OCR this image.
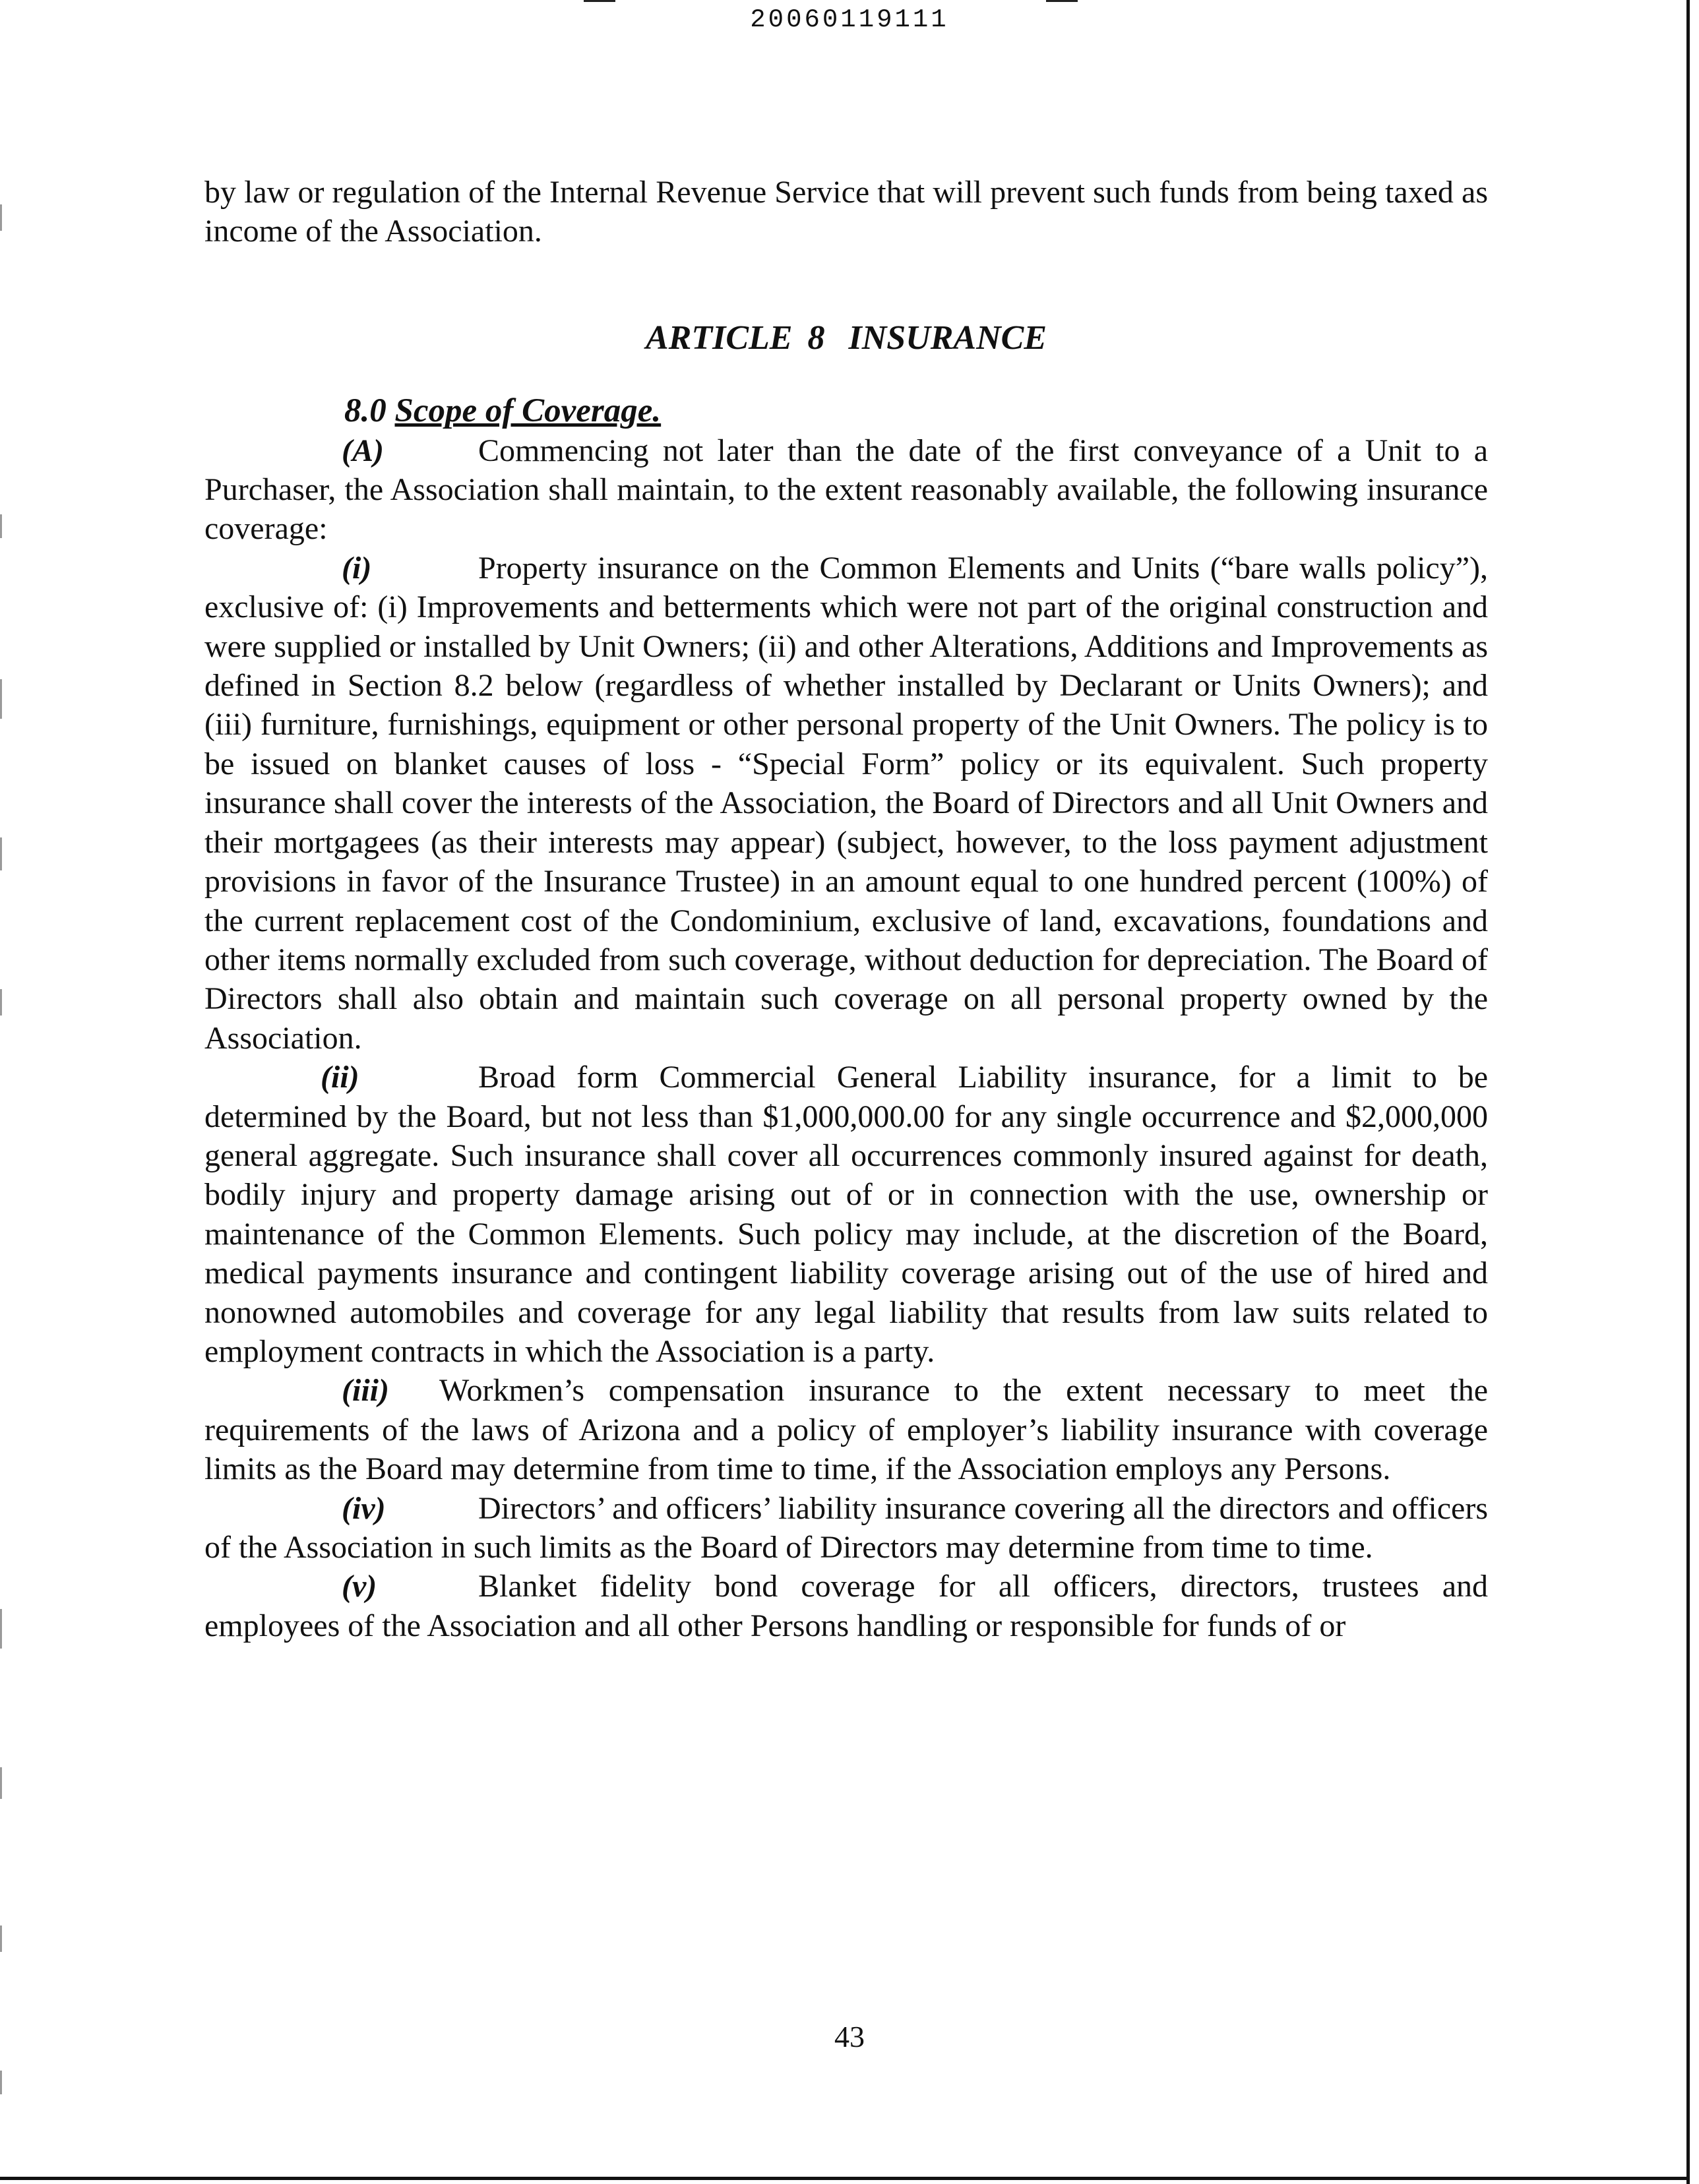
20060119111

by law or regulation of the Internal Revenue Service that will prevent such funds from being taxed as income of the Association.

ARTICLE 8 INSURANCE
8.0 Scope of Coverage.

(A)	Commencing not later than the date of the first conveyance of a Unit to a Purchaser, the Association shall maintain, to the extent reasonably available, the following insurance coverage:

(i)	Property insurance on the Common Elements and Units (“bare walls policy”), exclusive of: (i) Improvements and betterments which were not part of the original construction and were supplied or installed by Unit Owners; (ii) and other Alterations, Additions and Improvements as defined in Section 8.2 below (regardless of whether installed by Declarant or Units Owners); and (iii) furniture, furnishings, equipment or other personal property of the Unit Owners. The policy is to be issued on blanket causes of loss - “Special Form” policy or its equivalent. Such property insurance shall cover the interests of the Association, the Board of Directors and all Unit Owners and their mortgagees (as their interests may appear) (subject, however, to the loss payment adjustment provisions in favor of the Insurance Trustee) in an amount equal to one hundred percent (100%) of the current replacement cost of the Condominium, exclusive of land, excavations, foundations and other items normally excluded from such coverage, without deduction for depreciation. The Board of Directors shall also obtain and maintain such coverage on all personal property owned by the Association.

(ii)	Broad form Commercial General Liability insurance, for a limit to be determined by the Board, but not less than $1,000,000.00 for any single occurrence and $2,000,000 general aggregate. Such insurance shall cover all occurrences commonly insured against for death, bodily injury and property damage arising out of or in connection with the use, ownership or maintenance of the Common Elements. Such policy may include, at the discretion of the Board, medical payments insurance and contingent liability coverage arising out of the use of hired and nonowned automobiles and coverage for any legal liability that results from law suits related to employment contracts in which the Association is a party.

(iii) Workmen’s compensation insurance to the extent necessary to meet the requirements of the laws of Arizona and a policy of employer’s liability insurance with coverage limits as the Board may determine from time to time, if the Association employs any Persons.

(iv)	Directors’ and officers’ liability insurance covering all the directors and officers of the Association in such limits as the Board of Directors may determine from time to time.

(v)	Blanket fidelity bond coverage for all officers, directors, trustees and employees of the Association and all other Persons handling or responsible for funds of or

43
